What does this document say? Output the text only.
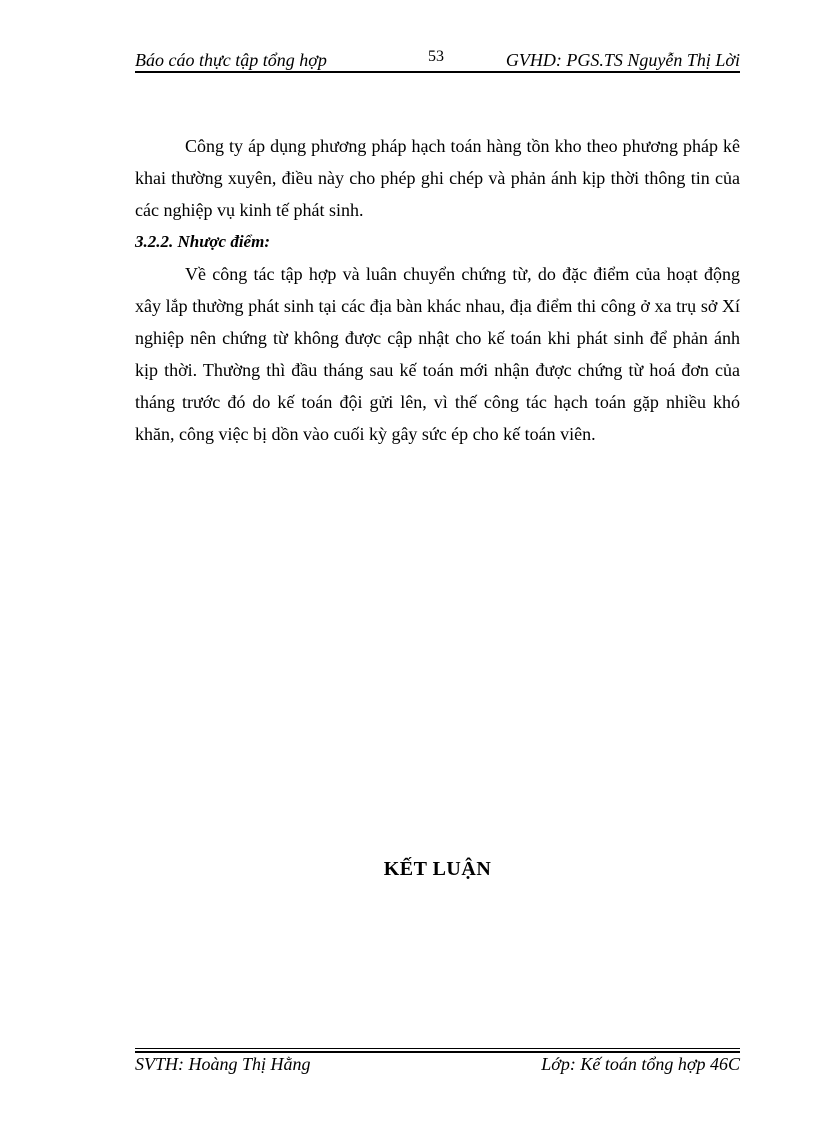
Báo cáo thực tập tổng hợp	53	GVHD: PGS.TS Nguyễn Thị Lời

Công ty áp dụng phương pháp hạch toán hàng tồn kho theo phương pháp kê khai thường xuyên, điều này cho phép ghi chép và phản ánh kịp thời thông tin của các nghiệp vụ kinh tế phát sinh.

3.2.2. Nhược điểm:

Về công tác tập hợp và luân chuyển chứng từ, do đặc điểm của hoạt động xây lắp thường phát sinh tại các địa bàn khác nhau, địa điểm thi công ở xa trụ sở Xí nghiệp nên chứng từ không được cập nhật cho kế toán khi phát sinh để phản ánh kịp thời. Thường thì đầu tháng sau kế toán mới nhận được chứng từ hoá đơn của tháng trước đó do kế toán đội gửi lên, vì thế công tác hạch toán gặp nhiều khó khăn, công việc bị dồn vào cuối kỳ gây sức ép cho kế toán viên.

KẾT LUẬN
SVTH: Hoàng Thị Hằng	Lớp: Kế toán tổng hợp 46C
